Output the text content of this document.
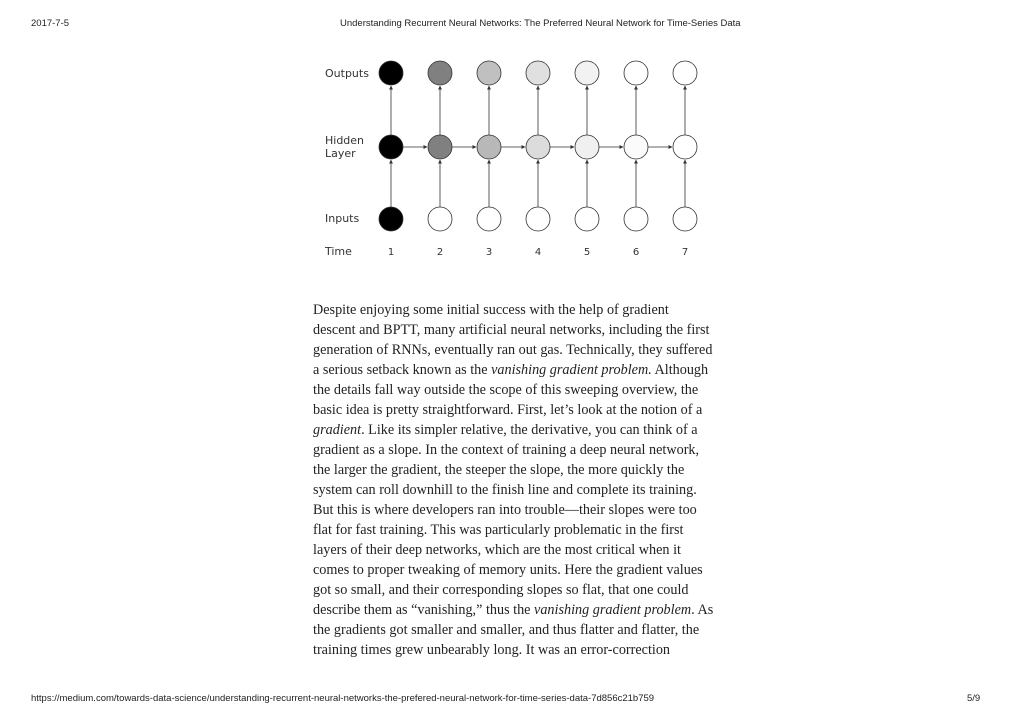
2017-7-5	Understanding Recurrent Neural Networks: The Preferred Neural Network for Time-Series Data
Outputs
Hidden
Layer
Inputs
Time	1	2	3	4	5	6	7
Despite enjoying some initial success with the help of gradient
descent and BPTT, many artificial neural networks, including the first
generation of RNNs, eventually ran out gas. Technically, they suffered
a serious setback known as the vanishing gradient problem. Although
the details fall way outside the scope of this sweeping overview, the
basic idea is pretty straightforward. First, let’s look at the notion of a
gradient. Like its simpler relative, the derivative, you can think of a
gradient as a slope. In the context of training a deep neural network,
the larger the gradient, the steeper the slope, the more quickly the
system can roll downhill to the finish line and complete its training.
But this is where developers ran into trouble—their slopes were too
flat for fast training. This was particularly problematic in the first
layers of their deep networks, which are the most critical when it
comes to proper tweaking of memory units. Here the gradient values
got so small, and their corresponding slopes so flat, that one could
describe them as “vanishing,” thus the vanishing gradient problem. As
the gradients got smaller and smaller, and thus flatter and flatter, the
training times grew unbearably long. It was an error-correction
https://medium.com/towards-data-science/understanding-recurrent-neural-networks-the-prefered-neural-network-for-time-series-data-7d856c21b759	5/9
